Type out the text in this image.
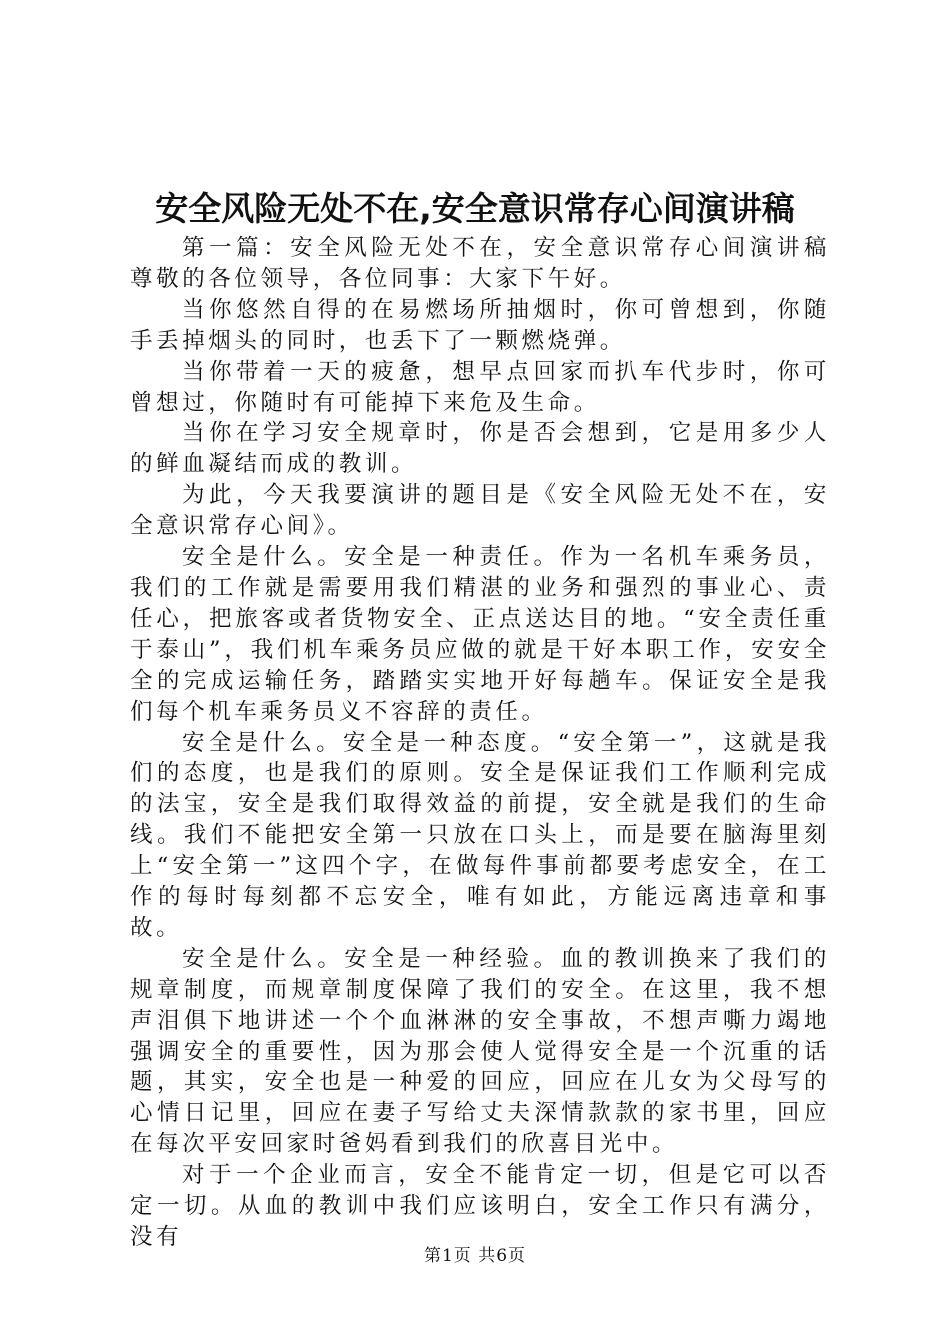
安全风险无处不在,安全意识常存心间演讲稿

第一篇：安全风险无处不在，安全意识常存心间演讲稿尊敬的各位领导，各位同事：大家下午好。

当你悠然自得的在易燃场所抽烟时，你可曾想到，你随手丢掉烟头的同时，也丢下了一颗燃烧弹。

当你带着一天的疲惫，想早点回家而扒车代步时，你可曾想过，你随时有可能掉下来危及生命。

当你在学习安全规章时，你是否会想到，它是用多少人的鲜血凝结而成的教训。

为此，今天我要演讲的题目是《安全风险无处不在，安全意识常存心间》。

安全是什么。安全是一种责任。作为一名机车乘务员，我们的工作就是需要用我们精湛的业务和强烈的事业心、责任心，把旅客或者货物安全、正点送达目的地。“安全责任重于泰山”，我们机车乘务员应做的就是干好本职工作，安安全全的完成运输任务，踏踏实实地开好每趟车。保证安全是我们每个机车乘务员义不容辞的责任。

安全是什么。安全是一种态度。“安全第一”，这就是我们的态度，也是我们的原则。安全是保证我们工作顺利完成的法宝，安全是我们取得效益的前提，安全就是我们的生命线。我们不能把安全第一只放在口头上，而是要在脑海里刻上“安全第一”这四个字，在做每件事前都要考虑安全，在工作的每时每刻都不忘安全，唯有如此，方能远离违章和事故。

安全是什么。安全是一种经验。血的教训换来了我们的规章制度，而规章制度保障了我们的安全。在这里，我不想声泪俱下地讲述一个个血淋淋的安全事故，不想声嘶力竭地强调安全的重要性，因为那会使人觉得安全是一个沉重的话题，其实，安全也是一种爱的回应，回应在儿女为父母写的心情日记里，回应在妻子写给丈夫深情款款的家书里，回应在每次平安回家时爸妈看到我们的欣喜目光中。

对于一个企业而言，安全不能肯定一切，但是它可以否定一切。从血的教训中我们应该明白，安全工作只有满分，没有

第1页 共6页
